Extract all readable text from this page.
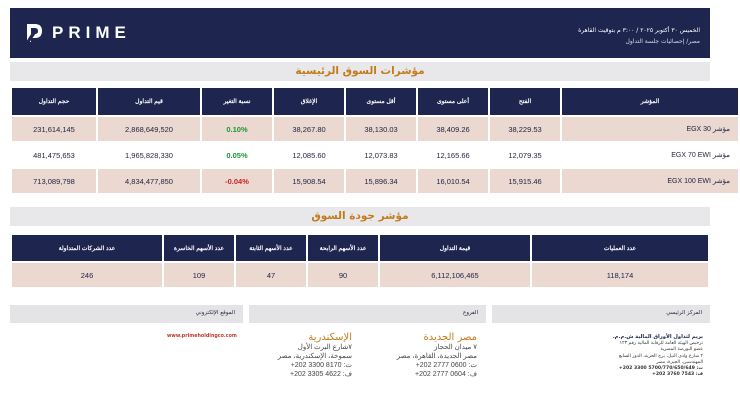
PRIME	الخميس ٣٠ أكتوبر ٢٠٢٥ / ٣:٠٠ م بتوقيت القاهرة
مصر/ إحصائيات جلسة التداول
مؤشرات السوق الرئيسية
حجم التداول	قيم التداول	نسبة التغير	الإغلاق	أقل مستوى	أعلى مستوى	الفتح	المؤشر
231,614,145	2,868,649,520	0.10%	38,267.80	38,130.03	38,409.26	38,229.53	مؤشر EGX 30
481,475,653	1,965,828,330	0.05%	12,085.60	12,073.83	12,165.66	12,079.35	مؤشر EGX 70 EWI
713,089,798	4,834,477,850	-0.04%	15,908.54	15,896.34	16,010.54	15,915.46	مؤشر EGX 100 EWI
مؤشر جودة السوق
عدد الشركات المتداولة	عدد الأسهم الخاسرة	عدد الأسهم الثابتة	عدد الأسهم الرابحة	قيمة التداول	عدد العمليات
246	109	47	90	6,112,106,465	118,174
الموقع الإلكتروني	الفروع	المركز الرئيسي
www.primeholdingco.com	الإسكندرية
٧شارع البرت الأول
سموحة، الإسكندرية، مصر
+202 3300 8170 :ت
+202 3305 4622 :ف
مصر الجديدة
٧ ميدان الحجاز
مصر الجديدة، القاهرة، مصر
+202 2777 0600 :ت
+202 2777 0604 :ف
بريم لتداول الأوراق المالية ش.م.م.
ترخيص الهيئة العامة للرقابة المالية رقم ١٢٣
عضو البورصة المصرية
٢ شارع وادي النيل، برج الحرية، الدور السابع
المهندسين، الجيزة، مصر
+202 3300 5700/770/650/649 :ت
+202 3760 7543 :ف
